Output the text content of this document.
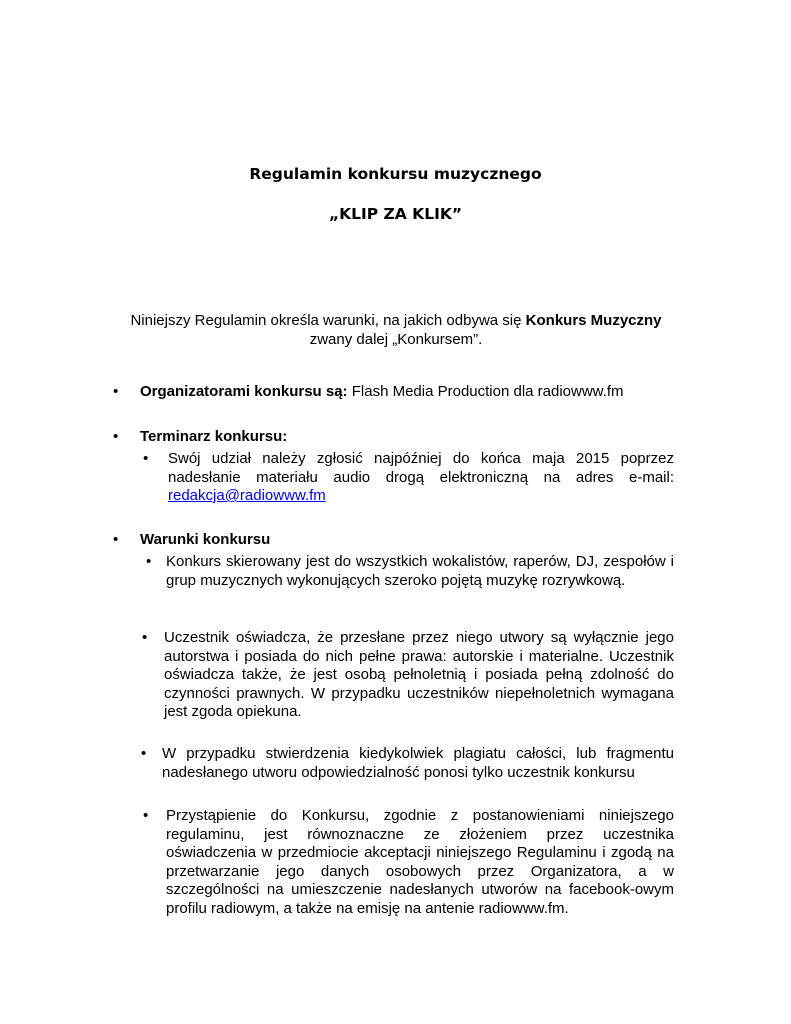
Regulamin konkursu muzycznego
„KLIP ZA KLIK”
Niniejszy Regulamin określa warunki, na jakich odbywa się Konkurs Muzyczny
zwany dalej „Konkursem”.
• Organizatorami konkursu są: Flash Media Production dla radiowww.fm
• Terminarz konkursu:
• Swój udział należy zgłosić najpóźniej do końca maja 2015 poprzez nadesłanie materiału audio drogą elektroniczną na adres e-mail: redakcja@radiowww.fm
• Warunki konkursu
• Konkurs skierowany jest do wszystkich wokalistów, raperów, DJ, zespołów i grup muzycznych wykonujących szeroko pojętą muzykę rozrywkową.
• Uczestnik oświadcza, że przesłane przez niego utwory są wyłącznie jego autorstwa i posiada do nich pełne prawa: autorskie i materialne. Uczestnik oświadcza także, że jest osobą pełnoletnią i posiada pełną zdolność do czynności prawnych. W przypadku uczestników niepełnoletnich wymagana jest zgoda opiekuna.
• W przypadku stwierdzenia kiedykolwiek plagiatu całości, lub fragmentu nadesłanego utworu odpowiedzialność ponosi tylko uczestnik konkursu
• Przystąpienie do Konkursu, zgodnie z postanowieniami niniejszego regulaminu, jest równoznaczne ze złożeniem przez uczestnika oświadczenia w przedmiocie akceptacji niniejszego Regulaminu i zgodą na przetwarzanie jego danych osobowych przez Organizatora, a w szczególności na umieszczenie nadesłanych utworów na facebook-owym profilu radiowym, a także na emisję na antenie radiowww.fm.
